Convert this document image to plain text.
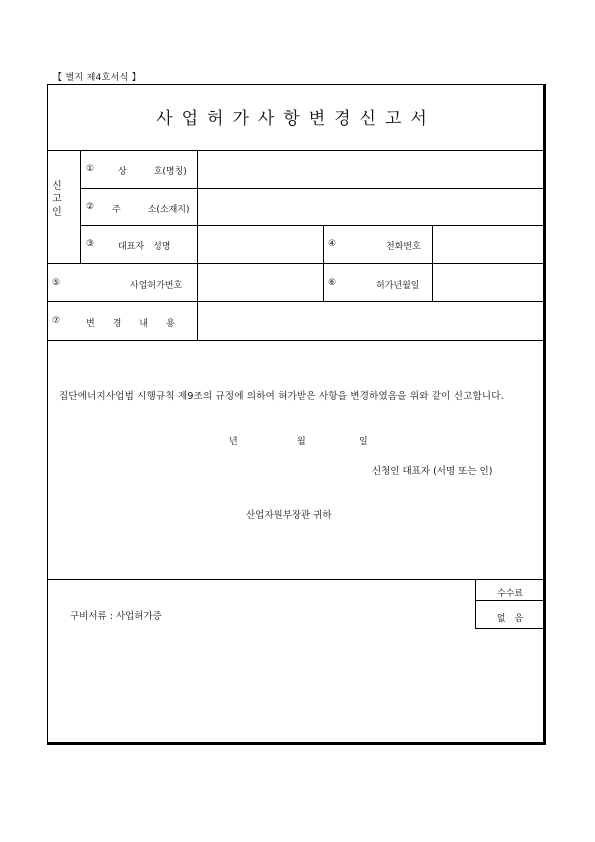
【 별지 제4호서식 】
사업허가사항변경신고서
신
고
인
①	상　　　호(명칭)
② 주　　　소(소재지)
③	대표자　성명	④	전화번호
⑤	사업허가번호	⑥	허가년월일
⑦	변　　경　　내　　용
집단에너지사업법 시행규칙 제9조의 규정에 의하여 허가받은 사항을 변경하였음을 위와 같이 신고합니다.
년	월	일
신청인 대표자 (서명 또는 인)
산업자원부장관 귀하
구비서류 : 사업허가증
수수료
없　음
